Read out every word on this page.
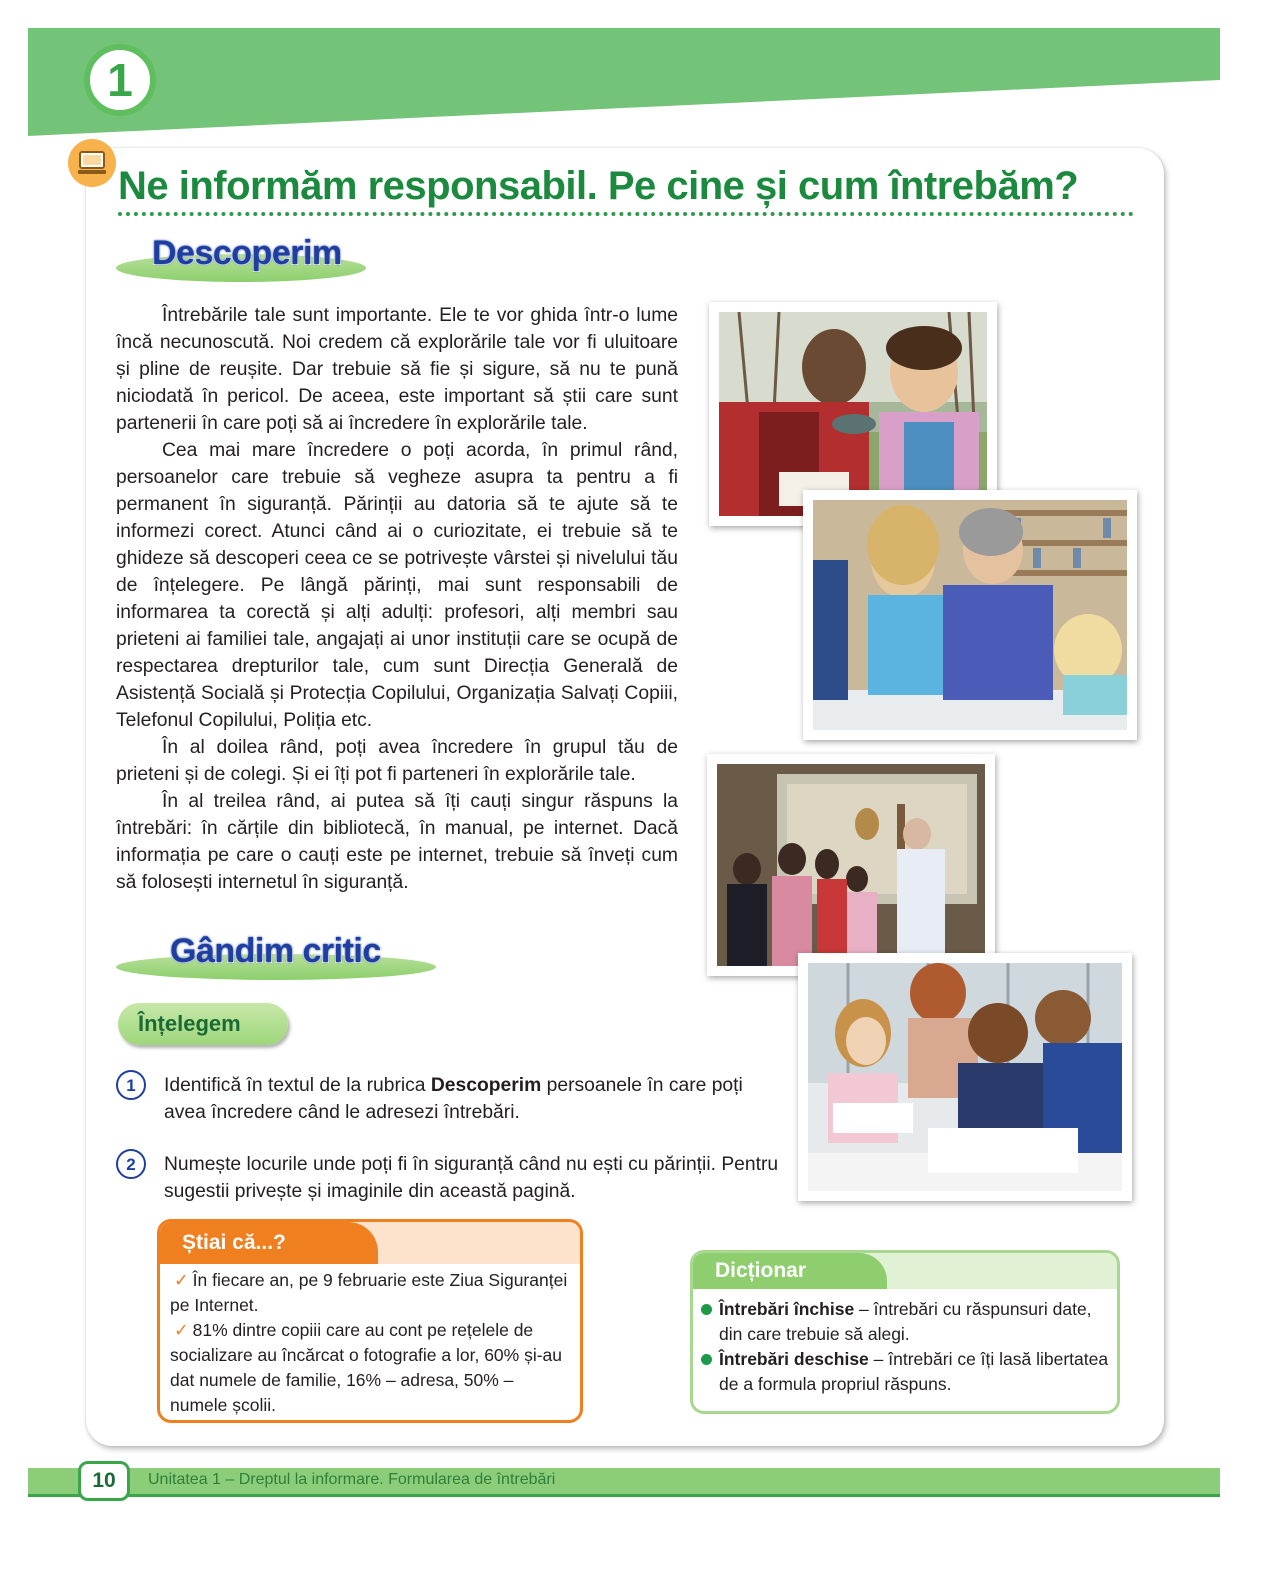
1
Ne informăm responsabil. Pe cine și cum întrebăm?
Descoperim

Întrebările tale sunt importante. Ele te vor ghida într-o lume încă necunoscută. Noi credem că explorările tale vor fi uluitoare și pline de reușite. Dar trebuie să fie și sigure, să nu te pună niciodată în pericol. De aceea, este important să știi care sunt partenerii în care poți să ai încredere în explorările tale.

Cea mai mare încredere o poți acorda, în primul rând, persoanelor care trebuie să vegheze asupra ta pentru a fi permanent în siguranță. Părinții au datoria să te ajute să te informezi corect. Atunci când ai o curiozitate, ei trebuie să te ghideze să descoperi ceea ce se potrivește vârstei și nivelului tău de înțelegere. Pe lângă părinți, mai sunt responsabili de informarea ta corectă și alți adulți: profesori, alți membri sau prieteni ai familiei tale, angajați ai unor instituții care se ocupă de respectarea drepturilor tale, cum sunt Direcția Generală de Asistență Socială și Protecția Copilului, Organizația Salvați Copiii, Telefonul Copilului, Poliția etc.

În al doilea rând, poți avea încredere în grupul tău de prieteni și de colegi. Și ei îți pot fi parteneri în explorările tale.

În al treilea rând, ai putea să îți cauți singur răspuns la întrebări: în cărțile din bibliotecă, în manual, pe internet. Dacă informația pe care o cauți este pe internet, trebuie să înveți cum să folosești internetul în siguranță.

Gândim critic
Înțelegem
1	Identifică în textul de la rubrica Descoperim persoanele în care poți avea încredere când le adresezi întrebări.
2	Numește locurile unde poți fi în siguranță când nu ești cu părinții. Pentru sugestii privește și imaginile din această pagină.
Știai că...?
✓ În fiecare an, pe 9 februarie este Ziua Siguranței pe Internet.
✓ 81% dintre copiii care au cont pe rețelele de socializare au încărcat o fotografie a lor, 60% și-au dat numele de familie, 16% – adresa, 50% – numele școlii.
Dicționar
Întrebări închise – întrebări cu răspunsuri date, din care trebuie să alegi.
Întrebări deschise – întrebări ce îți lasă libertatea de a formula propriul răspuns.
10	Unitatea 1 – Dreptul la informare. Formularea de întrebări
